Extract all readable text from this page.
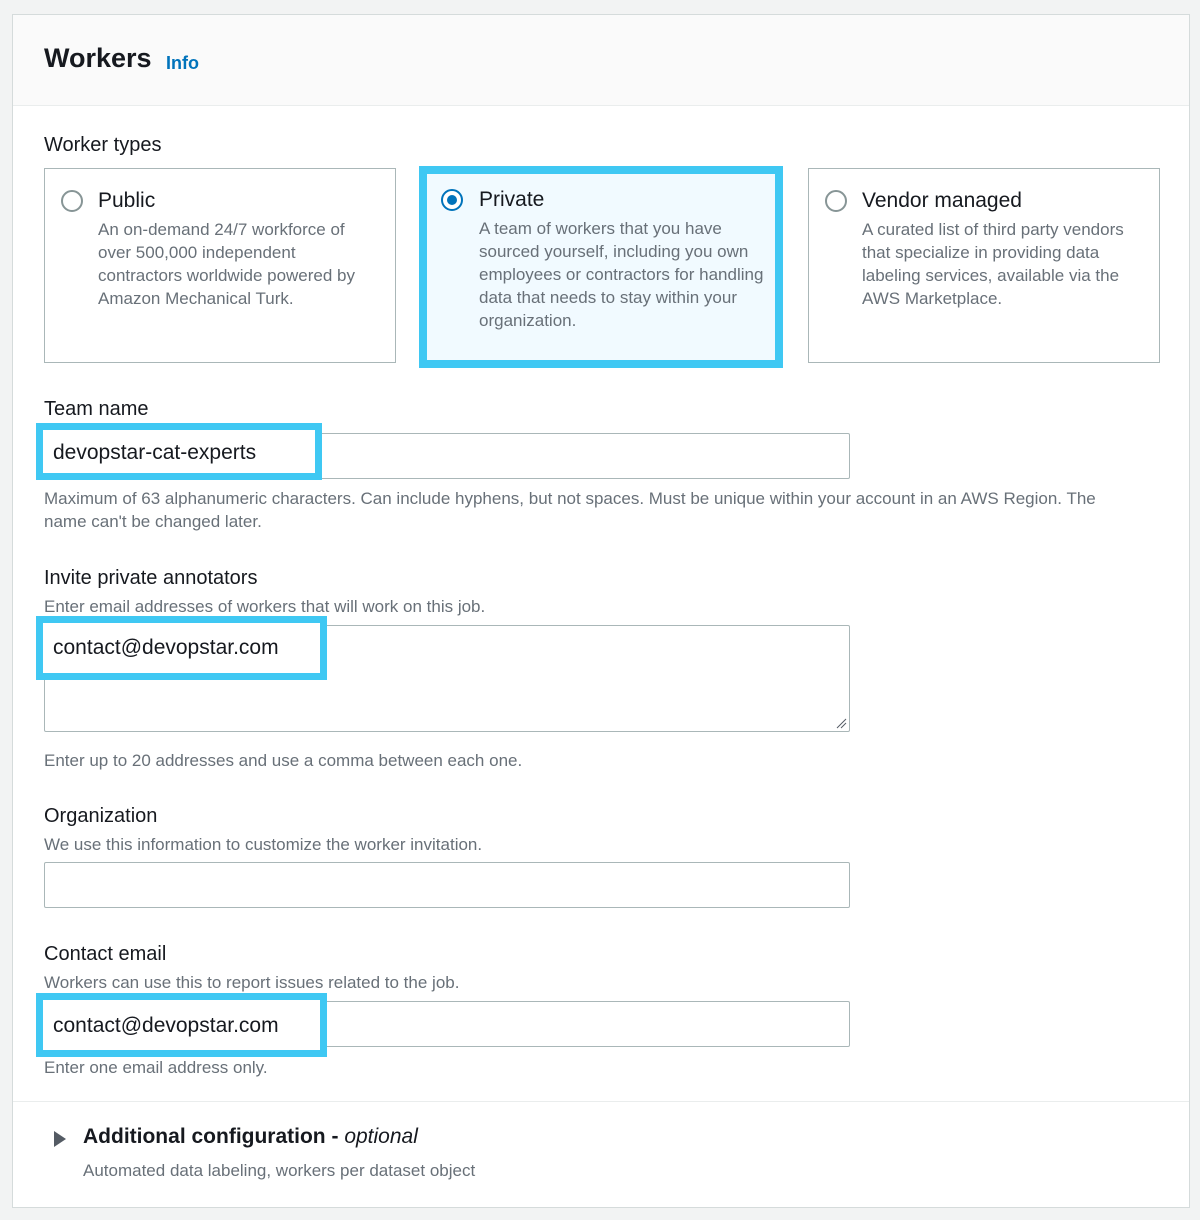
Workers Info
Worker types
Public
An on-demand 24/7 workforce of over 500,000 independent contractors worldwide powered by Amazon Mechanical Turk.
Private
A team of workers that you have sourced yourself, including you own employees or contractors for handling data that needs to stay within your organization.
Vendor managed
A curated list of third party vendors that specialize in providing data labeling services, available via the AWS Marketplace.
Team name
devopstar-cat-experts
Maximum of 63 alphanumeric characters. Can include hyphens, but not spaces. Must be unique within your account in an AWS Region. The name can't be changed later.
Invite private annotators
Enter email addresses of workers that will work on this job.
contact@devopstar.com
Enter up to 20 addresses and use a comma between each one.
Organization
We use this information to customize the worker invitation.
Contact email
Workers can use this to report issues related to the job.
contact@devopstar.com
Enter one email address only.
Additional configuration - optional
Automated data labeling, workers per dataset object
